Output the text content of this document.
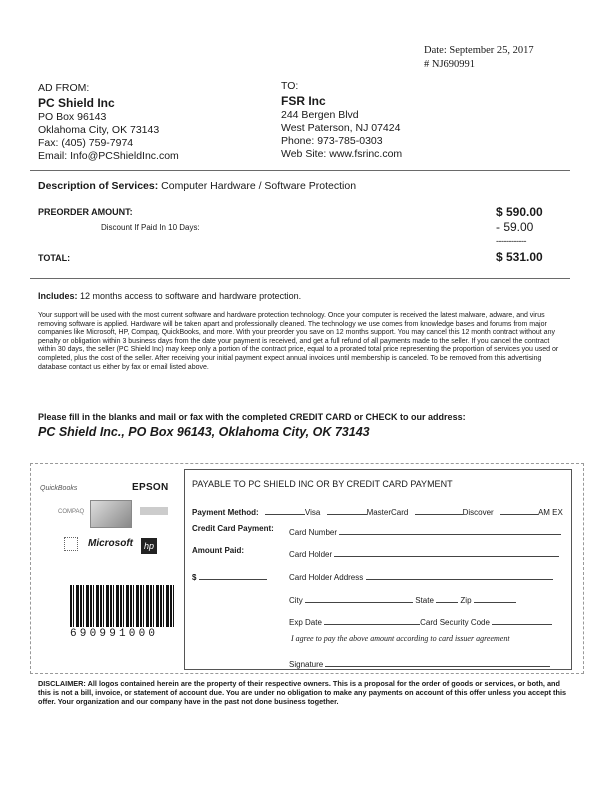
Date: September 25, 2017
# NJ690991
AD FROM:
PC Shield Inc
PO Box 96143
Oklahoma City, OK 73143
Fax: (405) 759-7974
Email: Info@PCShieldInc.com
TO:
FSR Inc
244 Bergen Blvd
West Paterson, NJ 07424
Phone: 973-785-0303
Web Site: www.fsrinc.com
Description of Services: Computer Hardware / Software Protection
PREORDER AMOUNT:	$ 590.00
Discount If Paid In 10 Days:	- 59.00
------------
TOTAL:	$ 531.00
Includes: 12 months access to software and hardware protection.
Your support will be used with the most current software and hardware protection technology. Once your computer is received the latest malware, adware, and virus removing software is applied. Hardware will be taken apart and professionally cleaned. The technology we use comes from knowledge bases and forums from major companies like Microsoft, HP, Compaq, QuickBooks, and more. With your preorder you save on 12 months support. You may cancel this 12 month contract without any penalty or obligation within 3 business days from the date your payment is received, and get a full refund of all payments made to the seller. If you cancel the contract within 30 days, the seller (PC Shield Inc) may keep only a portion of the contract price, equal to a prorated total price representing the proportion of services you used or completed, plus the cost of the seller. After receiving your initial payment expect annual invoices until membership is canceled. To be removed from this advertising database contact us either by fax or email listed above.
Please fill in the blanks and mail or fax with the completed CREDIT CARD or CHECK to our address:
PC Shield Inc., PO Box 96143, Oklahoma City, OK 73143
QuickBooks	EPSON
COMPAQ
Microsoft	hp
690991000
PAYABLE TO PC SHIELD INC OR BY CREDIT CARD PAYMENT
Payment Method:	Visa	MasterCard	Discover	AM EX
Credit Card Payment: Card Number
Amount Paid:	Card Holder
$	Card Holder Address
City	State	Zip
Exp Date	Card Security Code
I agree to pay the above amount according to card issuer agreement
Signature
DISCLAIMER: All logos contained herein are the property of their respective owners. This is a proposal for the order of goods or services, or both, and this is not a bill, invoice, or statement of account due. You are under no obligation to make any payments on account of this offer unless you accept this offer. Your organization and our company have in the past not done business together.
